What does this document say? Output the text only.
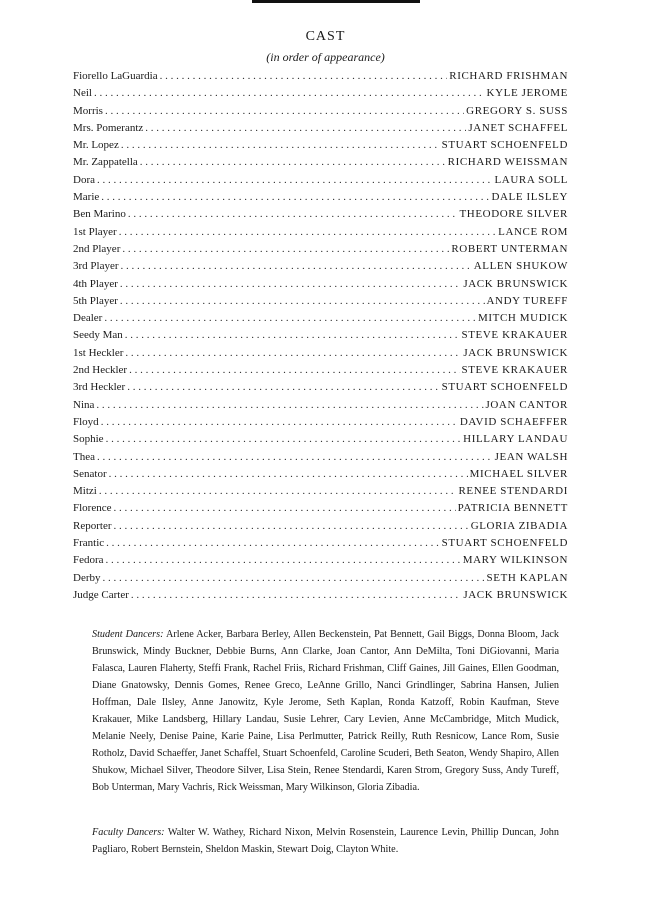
CAST
(in order of appearance)
Fiorello LaGuardia . . .	RICHARD FRISHMAN
Neil . . .	KYLE JEROME
Morris . . .	GREGORY S. SUSS
Mrs. Pomerantz . . .	JANET SCHAFFEL
Mr. Lopez . . .	STUART SCHOENFELD
Mr. Zappatella . . .	RICHARD WEISSMAN
Dora . . .	LAURA SOLL
Marie . . .	DALE ILSLEY
Ben Marino . . .	THEODORE SILVER
1st Player . . .	LANCE ROM
2nd Player . . .	ROBERT UNTERMAN
3rd Player . . .	ALLEN SHUKOW
4th Player . . .	JACK BRUNSWICK
5th Player . . .	ANDY TUREFF
Dealer . . .	MITCH MUDICK
Seedy Man . . .	STEVE KRAKAUER
1st Heckler . . .	JACK BRUNSWICK
2nd Heckler . . .	STEVE KRAKAUER
3rd Heckler . . .	STUART SCHOENFELD
Nina . . .	JOAN CANTOR
Floyd . . .	DAVID SCHAEFFER
Sophie . . .	HILLARY LANDAU
Thea . . .	JEAN WALSH
Senator . . .	MICHAEL SILVER
Mitzi . . .	RENEE STENDARDI
Florence . . .	PATRICIA BENNETT
Reporter . . .	GLORIA ZIBADIA
Frantic . . .	STUART SCHOENFELD
Fedora . . .	MARY WILKINSON
Derby . . .	SETH KAPLAN
Judge Carter . . .	JACK BRUNSWICK
Student Dancers: Arlene Acker, Barbara Berley, Allen Beckenstein, Pat Bennett, Gail Biggs, Donna Bloom, Jack Brunswick, Mindy Buckner, Debbie Burns, Ann Clarke, Joan Cantor, Ann DeMilta, Toni DiGiovanni, Maria Falasca, Lauren Flaherty, Steffi Frank, Rachel Friis, Richard Frishman, Cliff Gaines, Jill Gaines, Ellen Goodman, Diane Gnatowsky, Dennis Gomes, Renee Greco, LeAnne Grillo, Nanci Grindlinger, Sabrina Hansen, Julien Hoffman, Dale Ilsley, Anne Janowitz, Kyle Jerome, Seth Kaplan, Ronda Katzoff, Robin Kaufman, Steve Krakauer, Mike Landsberg, Hillary Landau, Susie Lehrer, Cary Levien, Anne McCambridge, Mitch Mudick, Melanie Neely, Denise Paine, Karie Paine, Lisa Perlmutter, Patrick Reilly, Ruth Resnicow, Lance Rom, Susie Rotholz, David Schaeffer, Janet Schaffel, Stuart Schoenfeld, Caroline Scuderi, Beth Seaton, Wendy Shapiro, Allen Shukow, Michael Silver, Theodore Silver, Lisa Stein, Renee Stendardi, Karen Strom, Gregory Suss, Andy Tureff, Bob Unterman, Mary Vachris, Rick Weissman, Mary Wilkinson, Gloria Zibadia.
Faculty Dancers: Walter W. Wathey, Richard Nixon, Melvin Rosenstein, Laurence Levin, Phillip Duncan, John Pagliaro, Robert Bernstein, Sheldon Maskin, Stewart Doig, Clayton White.
